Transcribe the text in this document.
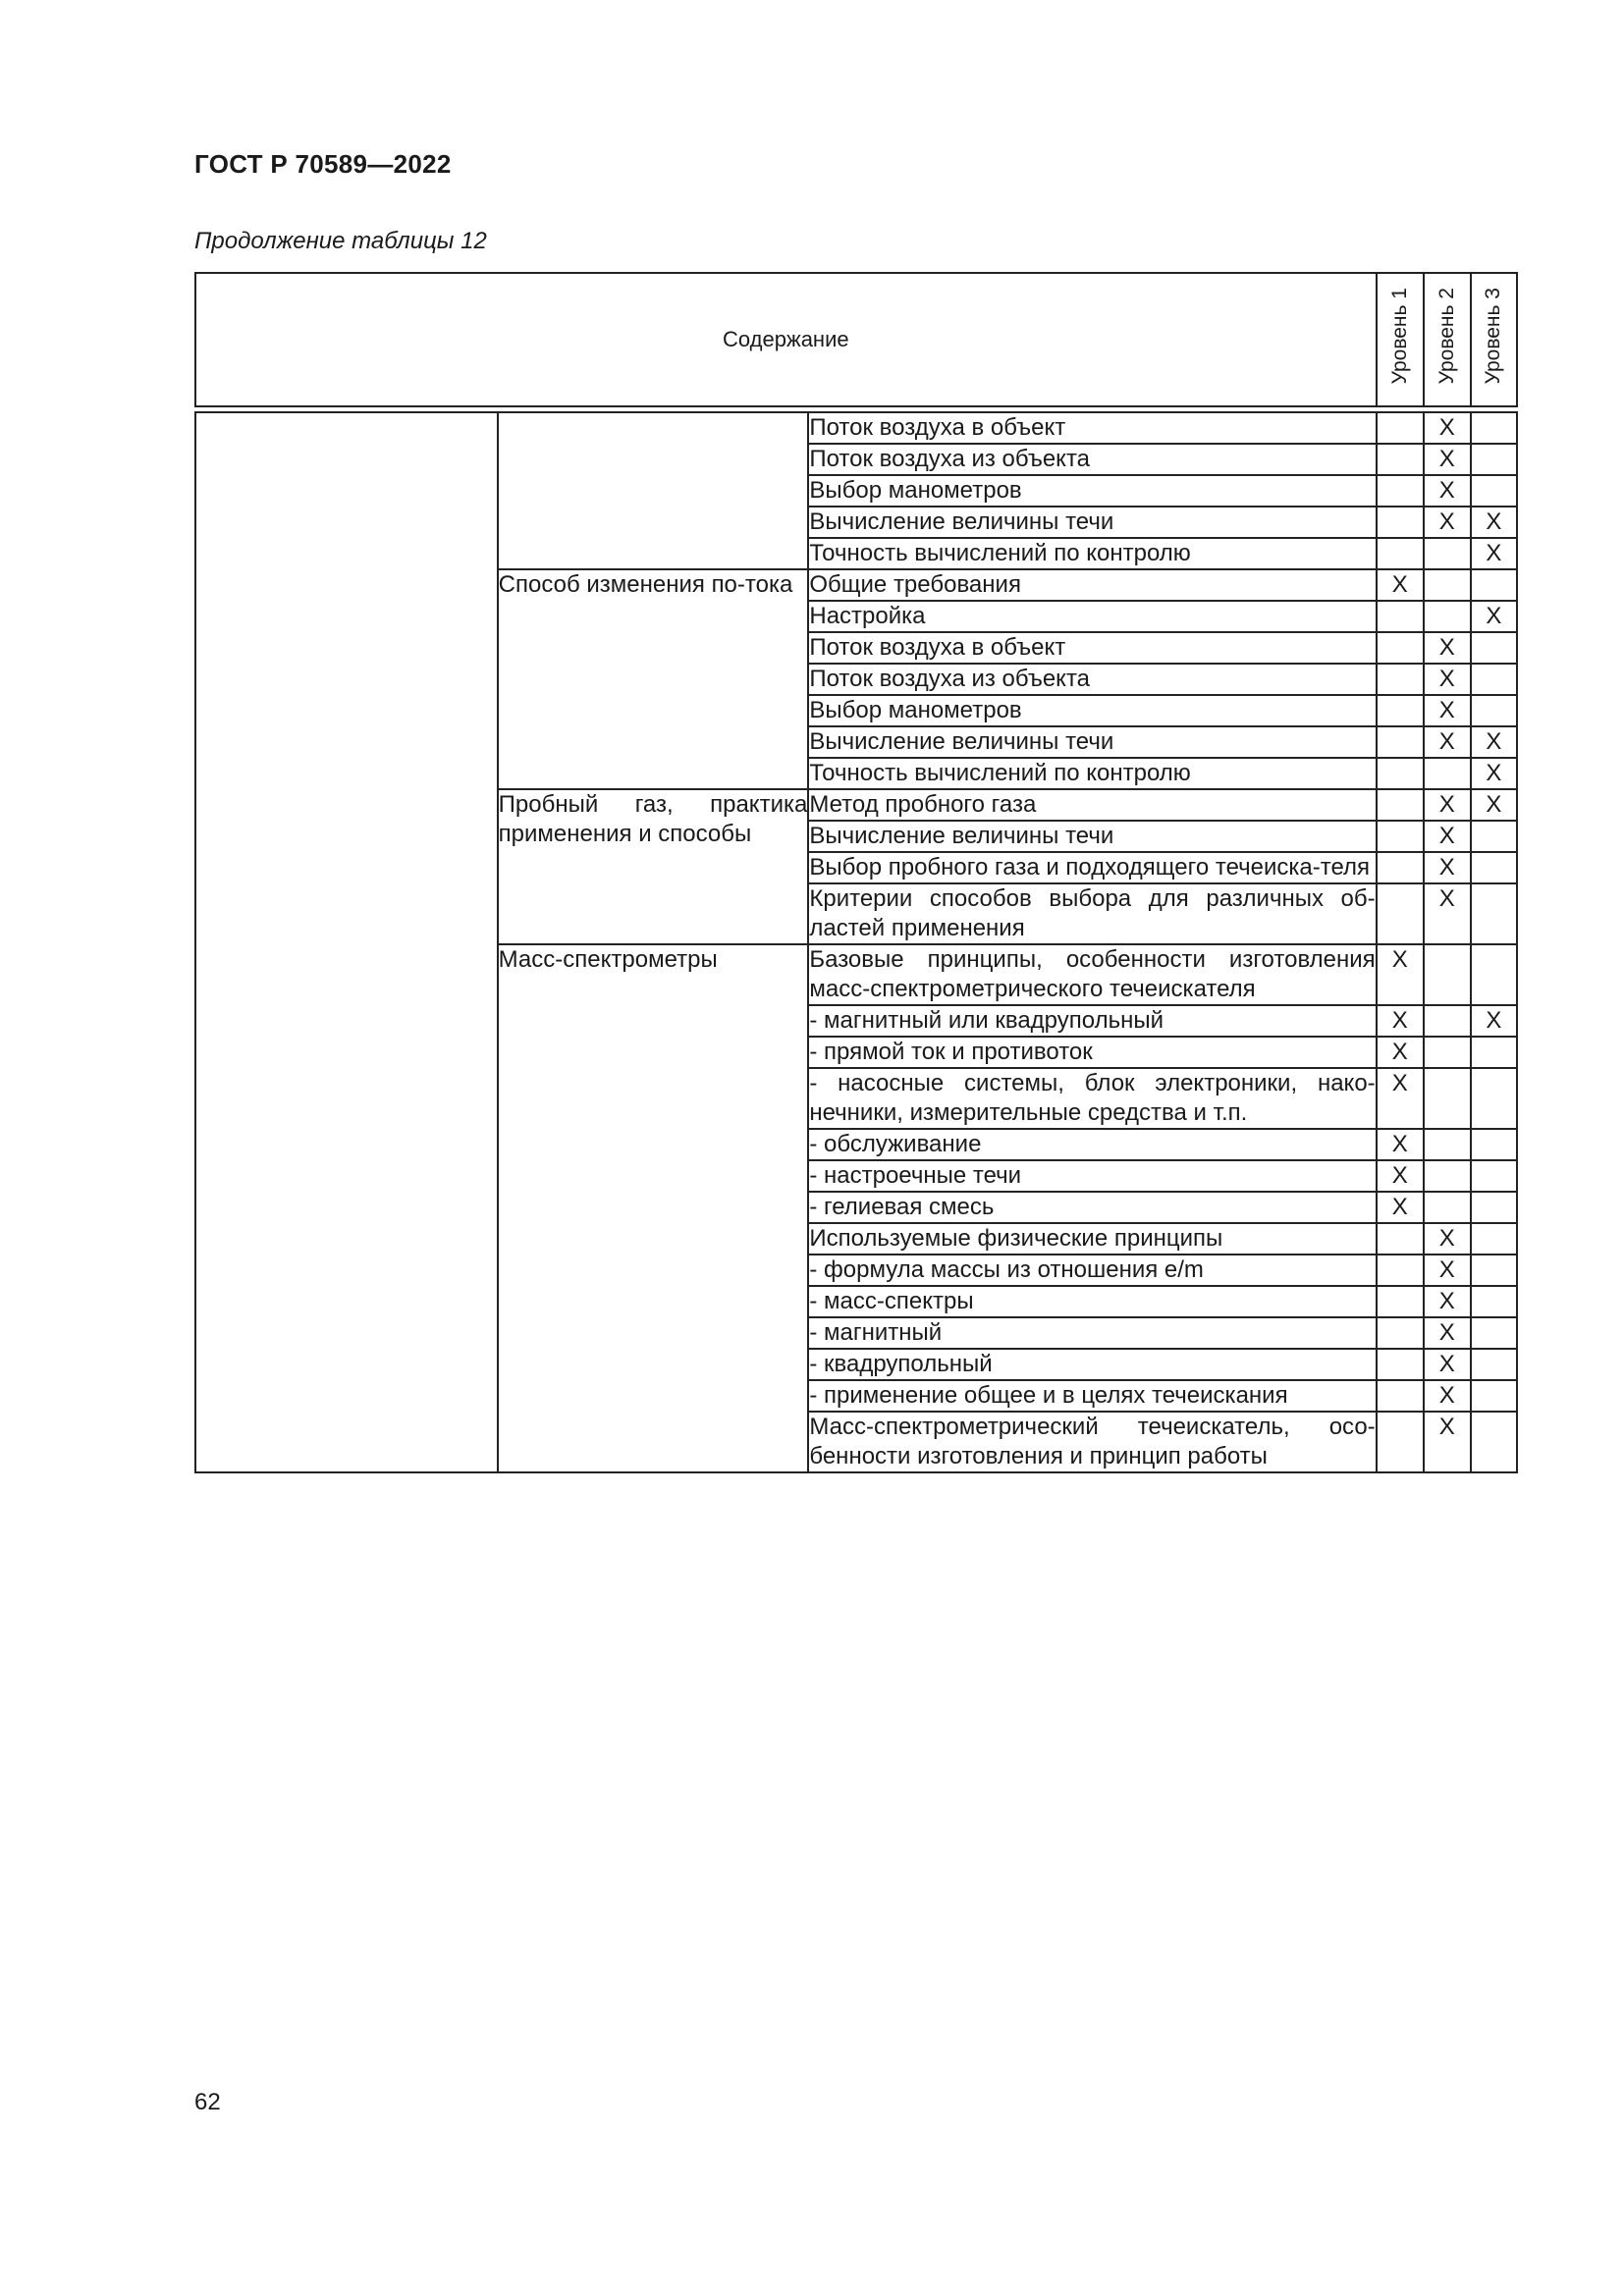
ГОСТ Р 70589—2022
Продолжение таблицы 12
Содержание			Уровень 1	Уровень 2	Уровень 3

		Поток воздуха в объект		X	
		Поток воздуха из объекта		X	
		Выбор манометров		X	
		Вычисление величины течи		X	X
		Точность вычислений по контролю			X
	Способ изменения по-тока	Общие требования	X		
		Настройка			X
		Поток воздуха в объект		X	
		Поток воздуха из объекта		X	
		Выбор манометров		X	
		Вычисление величины течи		X	X
		Точность вычислений по контролю			X
	Пробный газ, практика применения и способы	Метод пробного газа		X	X
		Вычисление величины течи		X	
		Выбор пробного газа и подходящего течеиска-теля		X	
		Критерии способов выбора для различных об-ластей применения		X	
	Масс-спектрометры	Базовые принципы, особенности изготовления масс-спектрометрического течеискателя	X		
		- магнитный или квадрупольный	X		X
		- прямой ток и противоток	X		
		- насосные системы, блок электроники, нако-нечники, измерительные средства и т.п.	X		
		- обслуживание	X		
		- настроечные течи	X		
		- гелиевая смесь	X		
		Используемые физические принципы		X	
		- формула массы из отношения e/m		X	
		- масс-спектры		X	
		- магнитный		X	
		- квадрупольный		X	
		- применение общее и в целях течеискания		X	
		Масс-спектрометрический течеискатель, осо-бенности изготовления и принцип работы		X	
62
